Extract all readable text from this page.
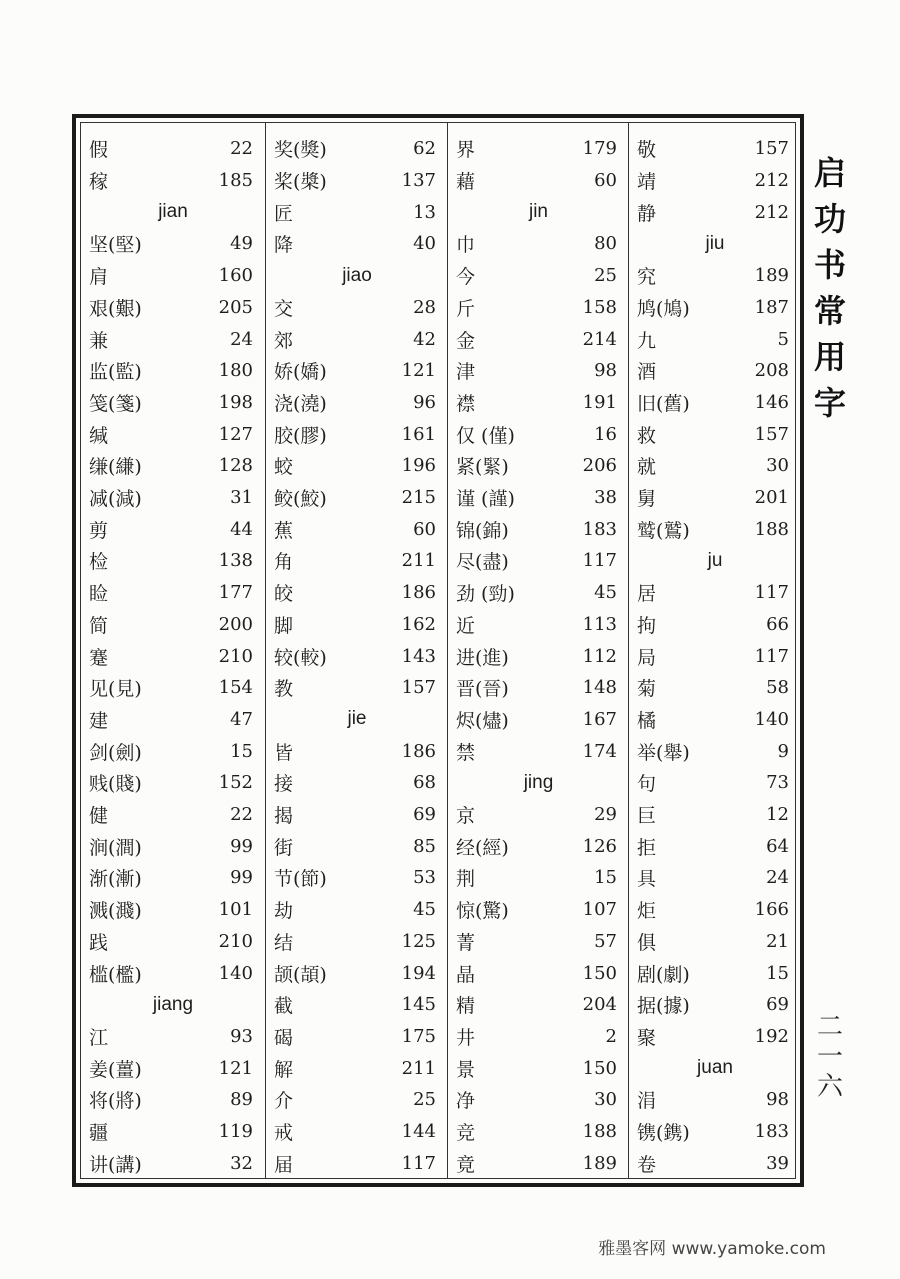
假	22
稼	185
jian
坚(堅)	49
肩	160
艰(艱)	205
兼	24
监(監)	180
笺(箋)	198
缄	127
缣(縑)	128
减(減)	31
剪	44
检	138
睑	177
简	200
蹇	210
见(見)	154
建	47
剑(劍)	15
贱(賤)	152
健	22
涧(澗)	99
渐(漸)	99
溅(濺)	101
践	210
槛(檻)	140
jiang
江	93
姜(薑)	121
将(將)	89
疆	119
讲(講)	32
奖(獎)	62
桨(槳)	137
匠	13
降	40
jiao
交	28
郊	42
娇(嬌)	121
浇(澆)	96
胶(膠)	161
蛟	196
鲛(鮫)	215
蕉	60
角	211
皎	186
脚	162
较(較)	143
教	157
jie
皆	186
接	68
揭	69
街	85
节(節)	53
劫	45
结	125
颉(頡)	194
截	145
碣	175
解	211
介	25
戒	144
届	117
界	179
藉	60
jin
巾	80
今	25
斤	158
金	214
津	98
襟	191
仅 (僅)	16
紧(緊)	206
谨 (謹)	38
锦(錦)	183
尽(盡)	117
劲 (勁)	45
近	113
进(進)	112
晋(晉)	148
烬(燼)	167
禁	174
jing
京	29
经(經)	126
荆	15
惊(驚)	107
菁	57
晶	150
精	204
井	2
景	150
净	30
竞	188
竟	189
敬	157
靖	212
静	212
jiu
究	189
鸠(鳩)	187
九	5
酒	208
旧(舊)	146
救	157
就	30
舅	201
鹫(鷲)	188
ju
居	117
拘	66
局	117
菊	58
橘	140
举(舉)	9
句	73
巨	12
拒	64
具	24
炬	166
俱	21
剧(劇)	15
据(據)	69
聚	192
juan
涓	98
镌(鎸)	183
卷	39
启
功
书
常
用
字
二
一
六
雅墨客网 www.yamoke.com
